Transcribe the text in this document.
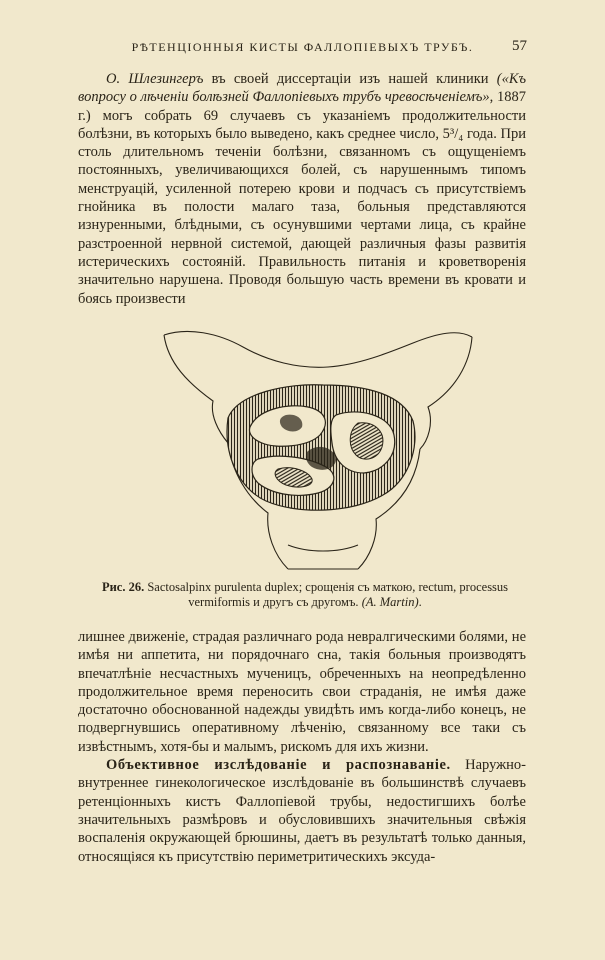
РѢТЕНЦІОННЫЯ КИСТЫ ФАЛЛОПІЕВЫХЪ ТРУБЪ.	57

О. Шлезингеръ въ своей диссертаціи изъ нашей клиники («Къ вопросу о лѣченіи болѣзней Фаллопіевыхъ трубъ чревосѣченіемъ», 1887 г.) могъ собрать 69 случаевъ съ указаніемъ продолжительности болѣзни, въ которыхъ было выведено, какъ среднее число, 5³/₄ года. При столь длительномъ теченіи болѣзни, связанномъ съ ощущеніемъ постоянныхъ, увеличивающихся болей, съ нарушеннымъ типомъ менструацій, усиленной потерею крови и подчасъ съ присутствіемъ гнойника въ полости малаго таза, больныя представляются изнуренными, блѣдными, съ осунувшими чертами лица, съ крайне разстроенной нервной системой, дающей различныя фазы развитія истерическихъ состояній. Правильность питанія и кроветворенія значительно нарушена. Проводя большую часть времени въ кровати и боясь произвести

Рис. 26. Sactosalpinx purulenta duplex; срощенія съ маткою, rectum, processus vermiformis и другъ съ другомъ. (A. Martin).

лишнее движеніе, страдая различнаго рода невралгическими болями, не имѣя ни аппетита, ни порядочнаго сна, такія больныя производятъ впечатлѣніе несчастныхъ мученицъ, обреченныхъ на неопредѣленно продолжительное время переносить свои страданія, не имѣя даже достаточно обоснованной надежды увидѣть имъ когда-либо конецъ, не подвергнувшись оперативному лѣченію, связанному все таки съ извѣстнымъ, хотя-бы и малымъ, рискомъ для ихъ жизни.

Объективное изслѣдованіе и распознаваніе. Наружно-внутреннее гинекологическое изслѣдованіе въ большинствѣ случаевъ ретенціонныхъ кистъ Фаллопіевой трубы, недостигшихъ болѣе значительныхъ размѣровъ и обусловившихъ значительныя свѣжія воспаленія окружающей брюшины, даетъ въ результатѣ только данныя, относящіяся къ присутствію периметритическихъ эксуда-
